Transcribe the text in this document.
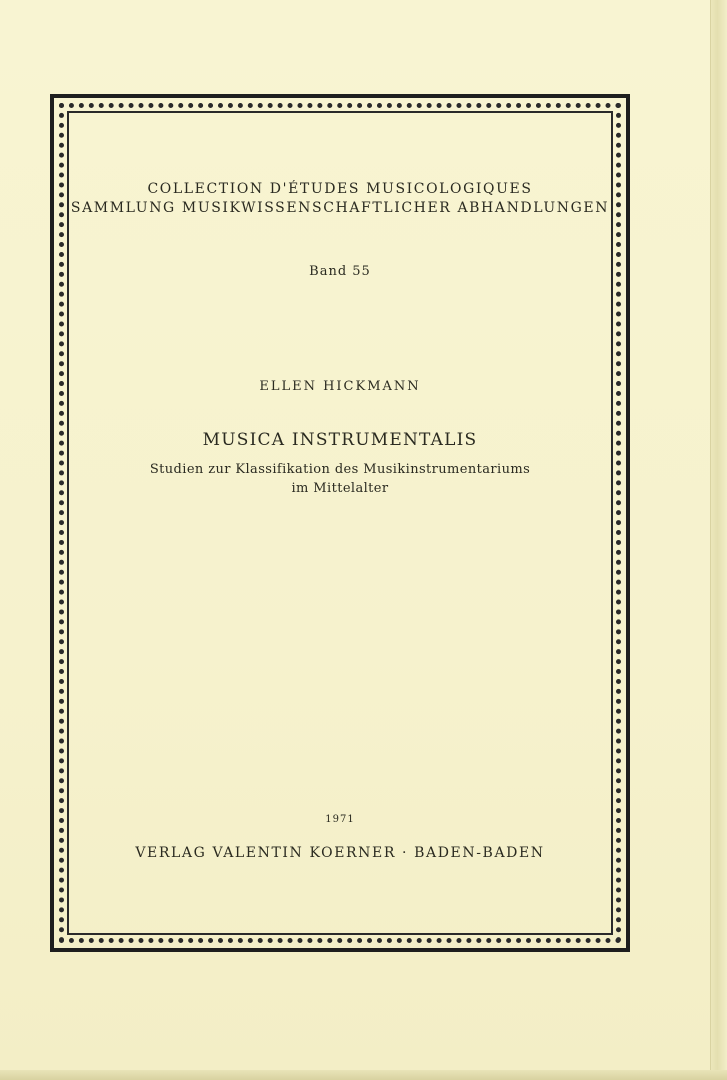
COLLECTION D'ÉTUDES MUSICOLOGIQUES
SAMMLUNG MUSIKWISSENSCHAFTLICHER ABHANDLUNGEN
Band 55
ELLEN HICKMANN
MUSICA INSTRUMENTALIS
Studien zur Klassifikation des Musikinstrumentariums
im Mittelalter
1971
VERLAG VALENTIN KOERNER · BADEN-BADEN
